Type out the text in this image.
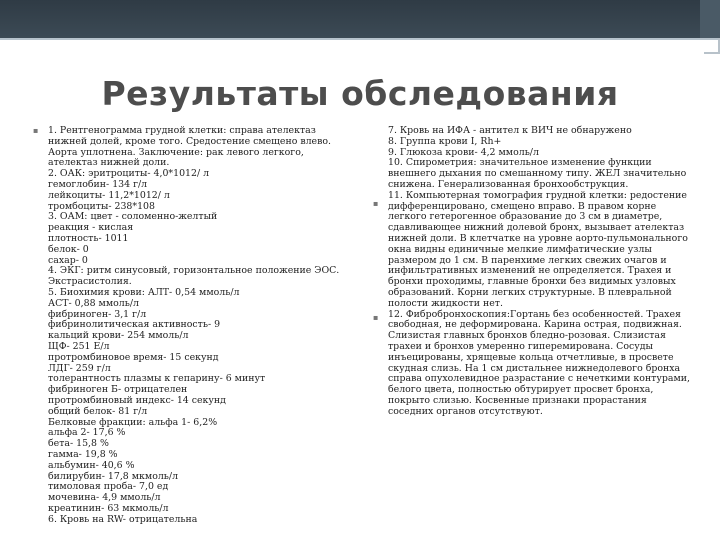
Результаты обследования
▪
▪
▪
1. Рентгенограмма грудной клетки: справа ателектаз
нижней долей, кроме того. Средостение смещено влево.
Аорта уплотнена. Заключение: рак левого легкого,
ателектаз нижней доли.
2. ОАК: эритроциты- 4,0*1012/ л
гемоглобин- 134 г/л
лейкоциты- 11,2*1012/ л
тромбоциты- 238*108
3. ОАМ: цвет - соломенно-желтый
реакция - кислая
плотность- 1011
белок- 0
сахар- 0
4. ЭКГ: ритм синусовый, горизонтальное положение ЭОС.
Экстрасистолия.
5. Биохимия крови: АЛТ- 0,54 ммоль/л
АСТ- 0,88 ммоль/л
фибриноген- 3,1 г/л
фибринолитическая активность- 9
кальций крови- 254 ммоль/л
ЩФ- 251 Е/л
протромбиновое время- 15 секунд
ЛДГ- 259 г/л
толерантность плазмы к гепарину- 6 минут
фибриноген Б- отрицателен
протромбиновый индекс- 14 секунд
общий белок- 81 г/л
Белковые фракции: альфа 1- 6,2%
альфа 2- 17,6 %
бета- 15,8 %
гамма- 19,8 %
альбумин- 40,6 %
билирубин- 17,8 мкмоль/л
тимоловая проба- 7,0 ед
мочевина- 4,9 ммоль/л
креатинин- 63 мкмоль/л
6. Кровь на RW- отрицательна
7. Кровь на ИФА - антител к ВИЧ не обнаружено
8. Группа крови I, Rh+
9. Глюкоза крови- 4,2 ммоль/л
10. Спирометрия: значительное изменение функции
внешнего дыхания по смешанному типу. ЖЕЛ значительно
снижена. Генерализованная бронхообструкция.
11. Компьютерная томография грудной клетки: редостение
дифференцировано, смещено вправо. В правом корне
легкого гетерогенное образование до 3 см в диаметре,
сдавливающее нижний долевой бронх, вызывает ателектаз
нижней доли. В клетчатке на уровне аорто-пульмонального
окна видны единичные мелкие лимфатические узлы
размером до 1 см. В паренхиме легких свежих очагов и
инфильтративных изменений не определяется. Трахея и
бронхи проходимы, главные бронхи без видимых узловых
образований. Корни легких структурные. В плевральной
полости жидкости нет.
12. Фибробронхоскопия:Гортань без особенностей. Трахея
свободная, не деформирована. Карина острая, подвижная.
Слизистая главных бронхов бледно-розовая. Слизистая
трахеи и бронхов умеренно гиперемирована. Сосуды
инъецированы, хрящевые кольца отчетливые, в просвете
скудная слизь. На 1 см дистальнее нижнедолевого бронха
справа опухолевидное разрастание с нечеткими контурами,
белого цвета, полностью обтурирует просвет бронха,
покрыто слизью. Косвенные признаки прорастания
соседних органов отсутствуют.
